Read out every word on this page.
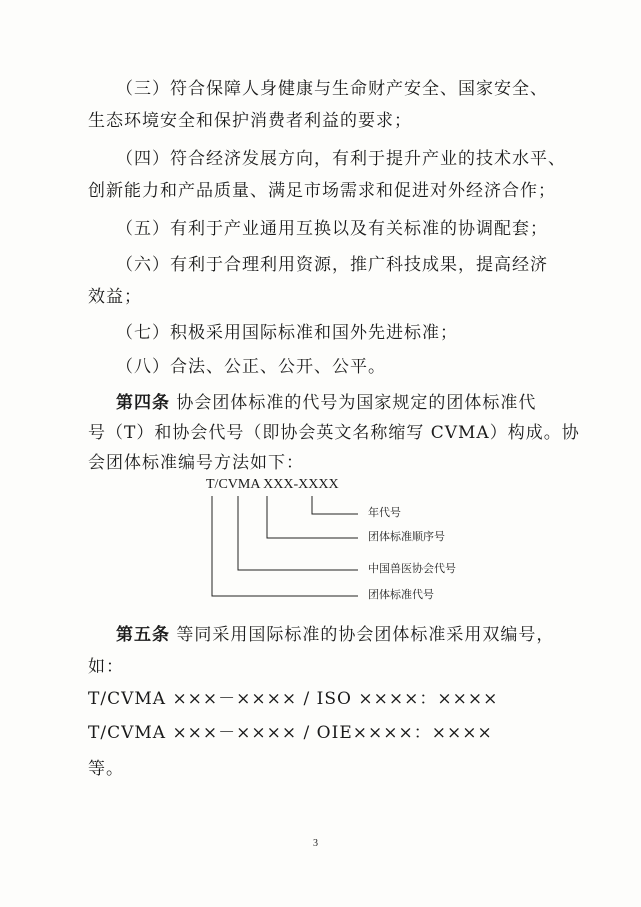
（三）符合保障人身健康与生命财产安全、国家安全、
生态环境安全和保护消费者利益的要求；
（四）符合经济发展方向，有利于提升产业的技术水平、
创新能力和产品质量、满足市场需求和促进对外经济合作；
（五）有利于产业通用互换以及有关标准的协调配套；
（六）有利于合理利用资源，推广科技成果，提高经济
效益；
（七）积极采用国际标准和国外先进标准；
（八）合法、公正、公开、公平。
第四条 协会团体标准的代号为国家规定的团体标准代
号（T）和协会代号（即协会英文名称缩写 CVMA）构成。协
会团体标准编号方法如下：
T/CVMA XXX-XXXX
年代号
团体标准顺序号
中国兽医协会代号
团体标准代号
第五条 等同采用国际标准的协会团体标准采用双编号，
如：
T/CVMA ×××－×××× / ISO ××××：××××
T/CVMA ×××－×××× / OIE××××：××××
等。
3
